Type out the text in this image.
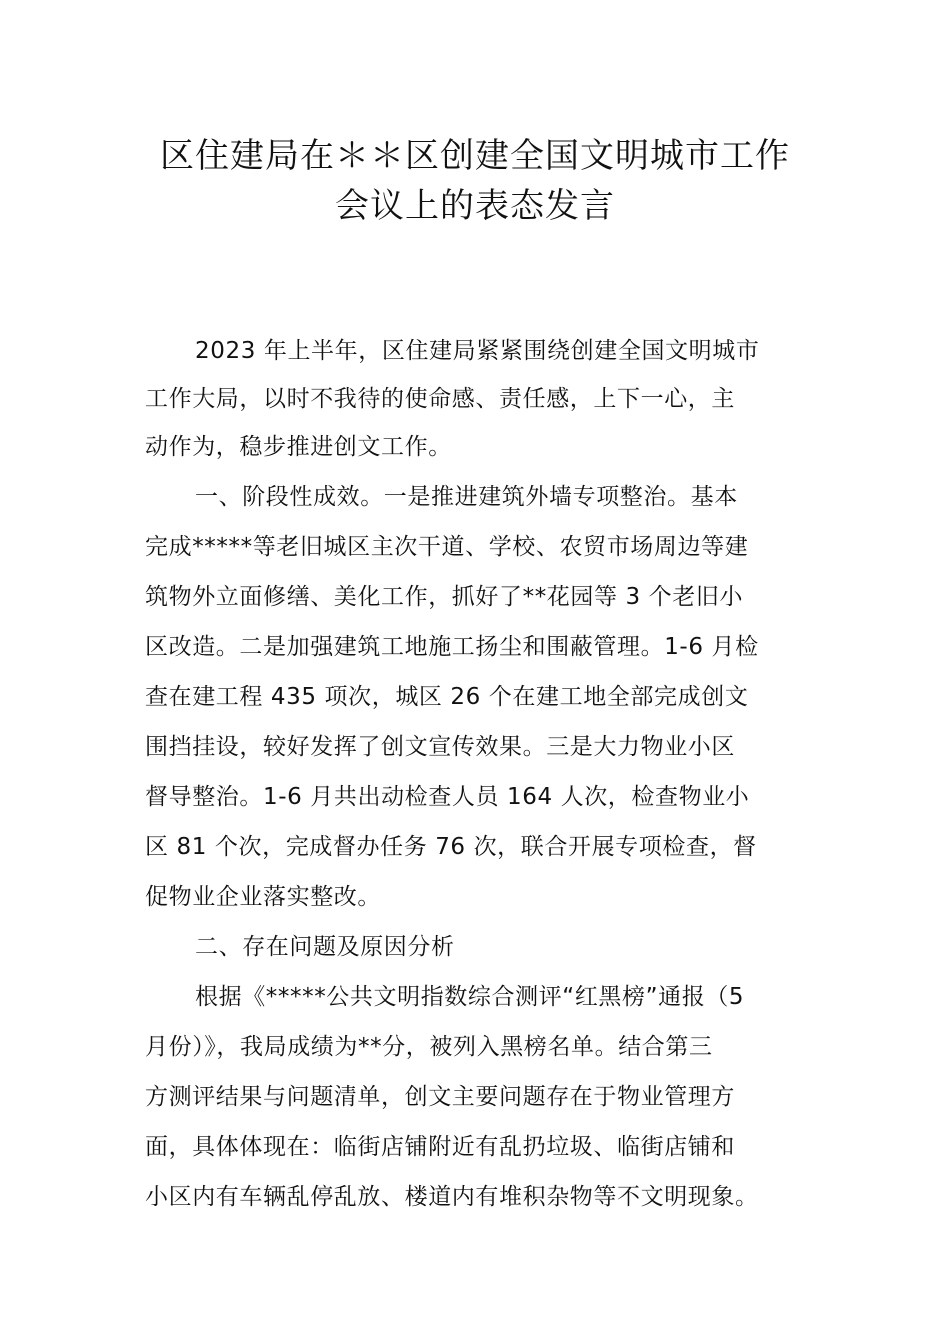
区住建局在＊＊区创建全国文明城市工作
会议上的表态发言
2023 年上半年，区住建局紧紧围绕创建全国文明城市
工作大局，以时不我待的使命感、责任感，上下一心，主
动作为，稳步推进创文工作。
一、阶段性成效。一是推进建筑外墙专项整治。基本
完成*****等老旧城区主次干道、学校、农贸市场周边等建
筑物外立面修缮、美化工作，抓好了**花园等 3 个老旧小
区改造。二是加强建筑工地施工扬尘和围蔽管理。1-6 月检
查在建工程 435 项次，城区 26 个在建工地全部完成创文
围挡挂设，较好发挥了创文宣传效果。三是大力物业小区
督导整治。1-6 月共出动检查人员 164 人次，检查物业小
区 81 个次，完成督办任务 76 次，联合开展专项检查，督
促物业企业落实整改。
二、存在问题及原因分析
根据《*****公共文明指数综合测评“红黑榜”通报（5
月份）》，我局成绩为**分，被列入黑榜名单。结合第三
方测评结果与问题清单，创文主要问题存在于物业管理方
面，具体体现在：临街店铺附近有乱扔垃圾、临街店铺和
小区内有车辆乱停乱放、楼道内有堆积杂物等不文明现象。
